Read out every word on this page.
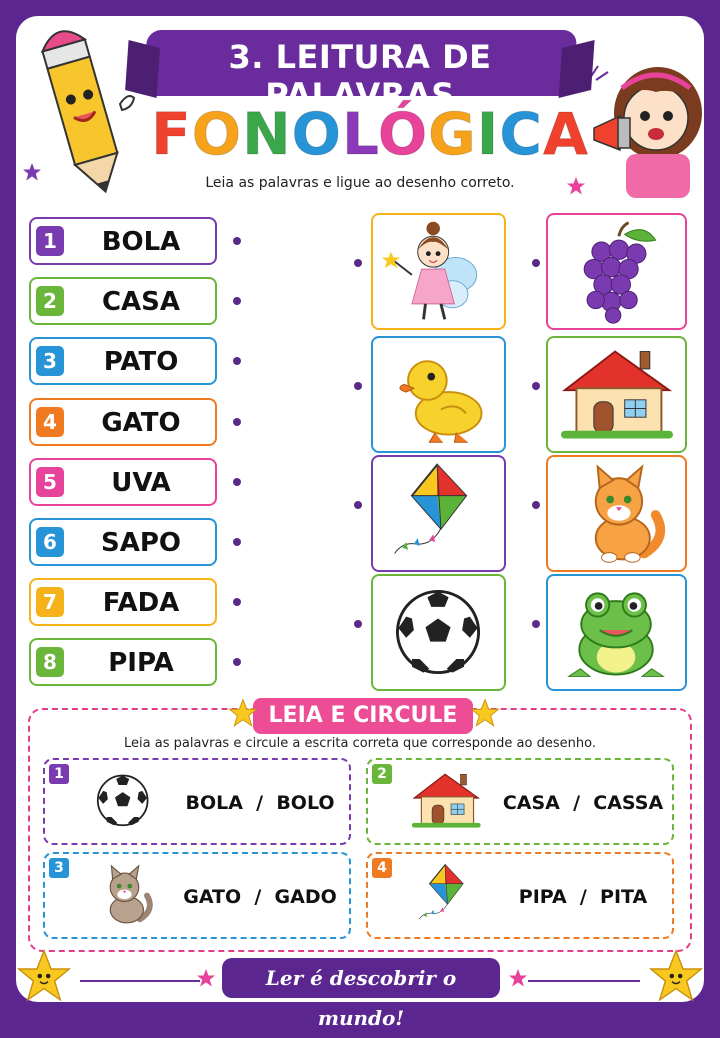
3. LEITURA DE PALAVRAS
FONOLÓGICA
Leia as palavras e ligue ao desenho correto.
1	BOLA
2	CASA
3	PATO
4	GATO
5	UVA
6	SAPO
7	FADA
8	PIPA
LEIA E CIRCULE
Leia as palavras e circule a escrita correta que corresponde ao desenho.
1
BOLA  /  BOLO
2
CASA  /  CASSA
3
GATO  /  GADO
4
PIPA  /  PITA
Ler é descobrir o mundo!
